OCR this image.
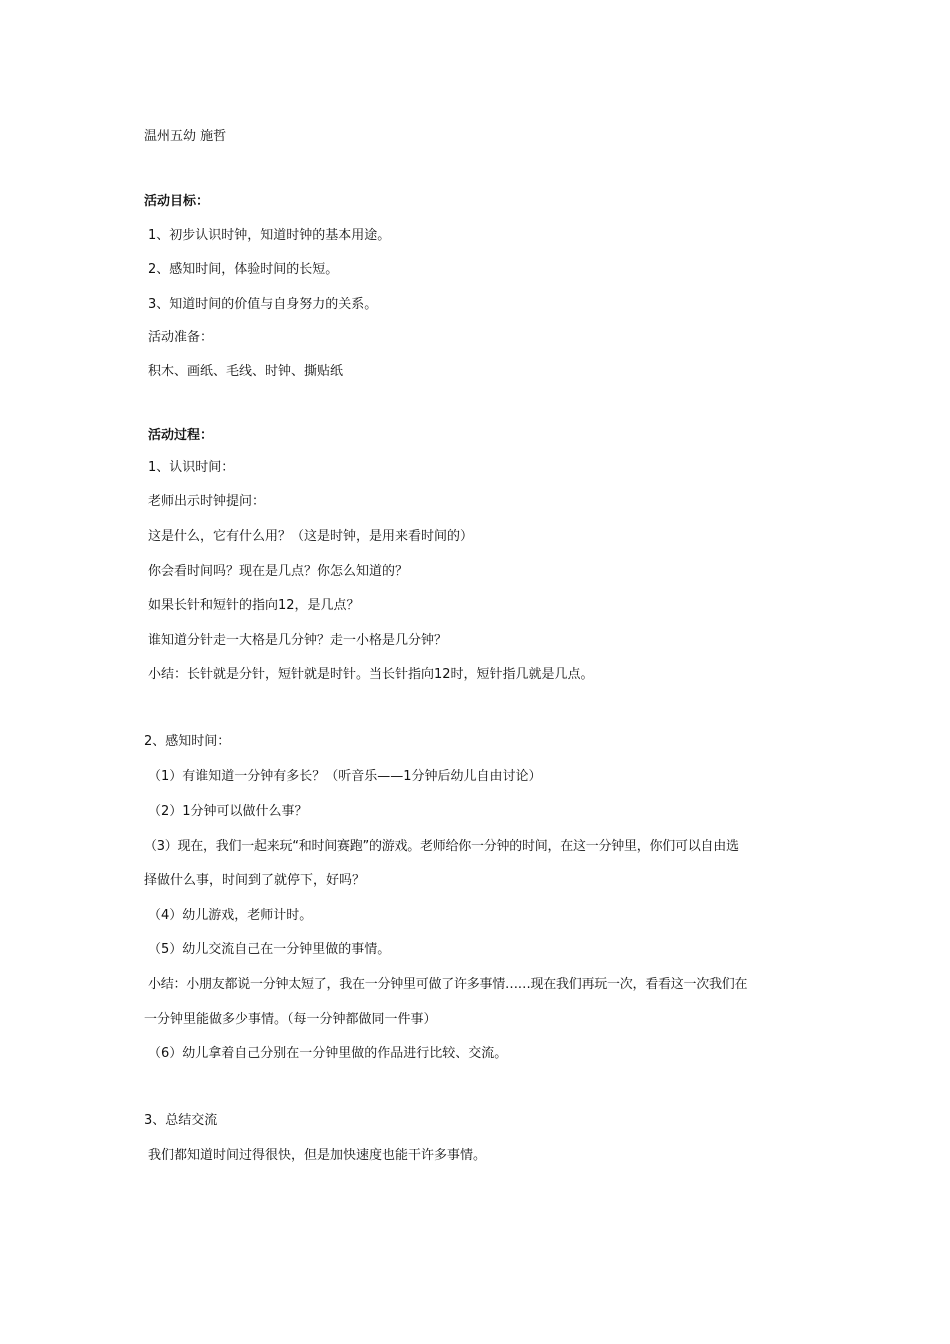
温州五幼 施哲
活动目标：
1、初步认识时钟，知道时钟的基本用途。
2、感知时间，体验时间的长短。
3、知道时间的价值与自身努力的关系。
活动准备：
积木、画纸、毛线、时钟、撕贴纸
活动过程：
1、认识时间：
老师出示时钟提问：
这是什么，它有什么用？（这是时钟，是用来看时间的）
你会看时间吗？现在是几点？你怎么知道的？
如果长针和短针的指向12，是几点？
谁知道分针走一大格是几分钟？走一小格是几分钟？
小结：长针就是分针，短针就是时针。当长针指向12时，短针指几就是几点。
2、感知时间：
（1）有谁知道一分钟有多长？（听音乐——1分钟后幼儿自由讨论）
（2）1分钟可以做什么事？
（3）现在，我们一起来玩“和时间赛跑”的游戏。老师给你一分钟的时间，在这一分钟里，你们可以自由选
择做什么事，时间到了就停下，好吗？
（4）幼儿游戏，老师计时。
（5）幼儿交流自己在一分钟里做的事情。
小结：小朋友都说一分钟太短了，我在一分钟里可做了许多事情……现在我们再玩一次，看看这一次我们在
一分钟里能做多少事情。（每一分钟都做同一件事）
（6）幼儿拿着自己分别在一分钟里做的作品进行比较、交流。
3、总结交流
我们都知道时间过得很快，但是加快速度也能干许多事情。
